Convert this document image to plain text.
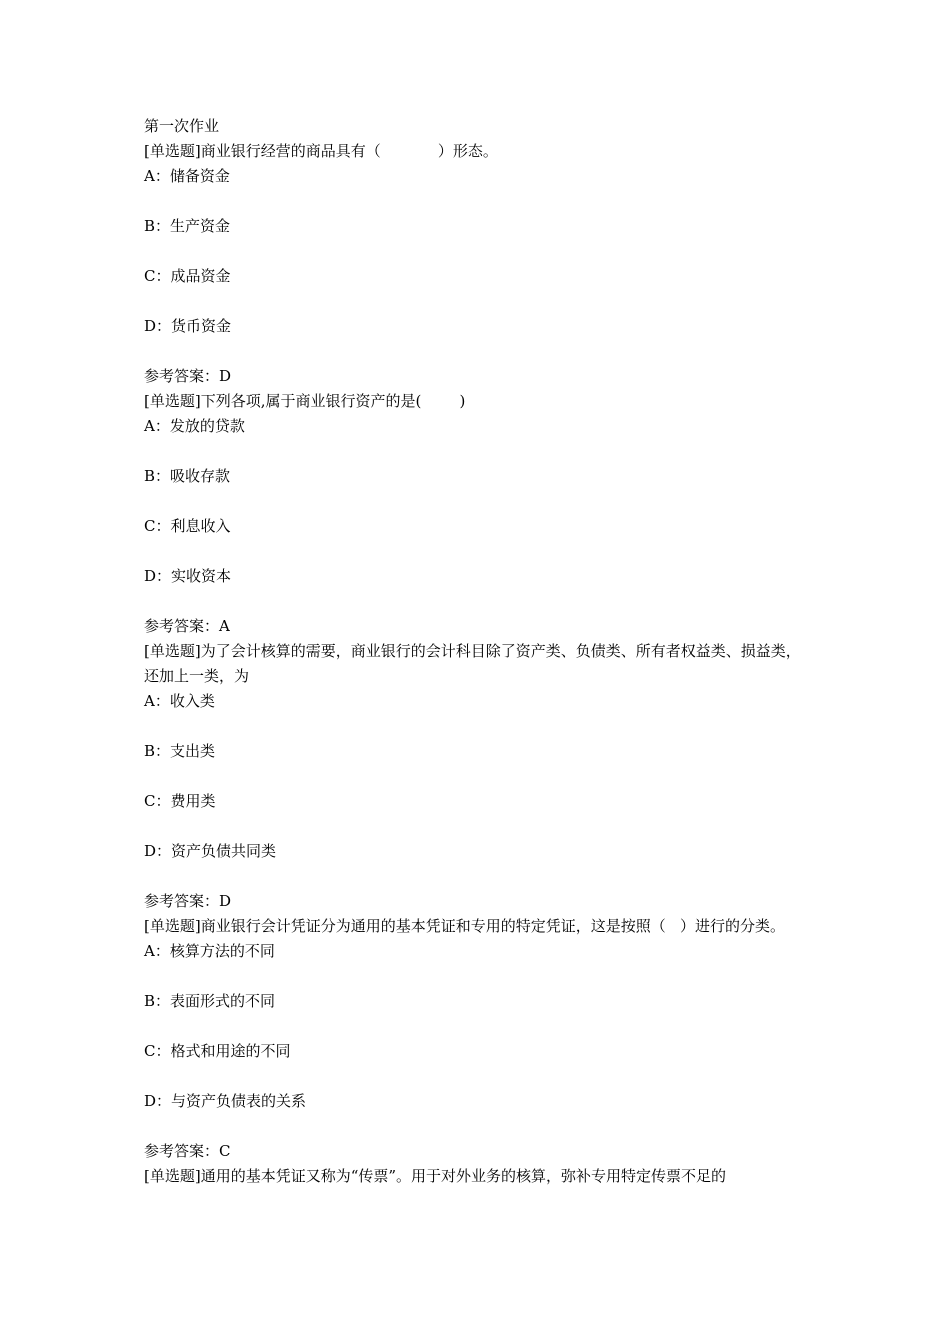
第一次作业

[单选题]商业银行经营的商品具有（            ）形态。

A：储备资金

B：生产资金

C：成品资金

D：货币资金

参考答案：D

[单选题]下列各项,属于商业银行资产的是(        )

A：发放的贷款

B：吸收存款

C：利息收入

D：实收资本

参考答案：A

[单选题]为了会计核算的需要，商业银行的会计科目除了资产类、负债类、所有者权益类、损益类，还加上一类，为

A：收入类

B：支出类

C：费用类

D：资产负债共同类

参考答案：D

[单选题]商业银行会计凭证分为通用的基本凭证和专用的特定凭证，这是按照（   ）进行的分类。

A：核算方法的不同

B：表面形式的不同

C：格式和用途的不同

D：与资产负债表的关系

参考答案：C

[单选题]通用的基本凭证又称为“传票”。用于对外业务的核算，弥补专用特定传票不足的
